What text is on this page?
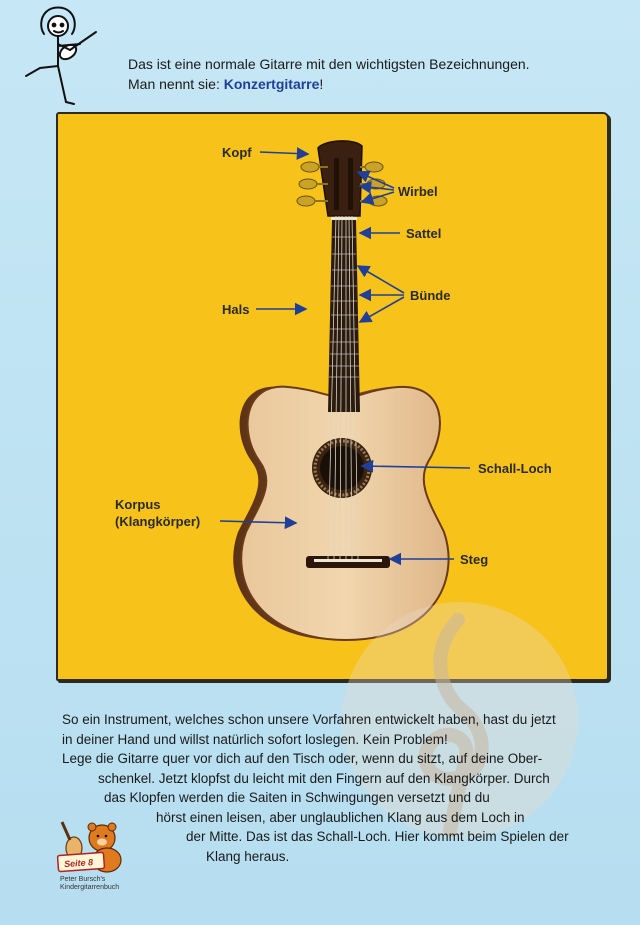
Das ist eine normale Gitarre mit den wichtigsten Bezeichnungen.
Man nennt sie: Konzertgitarre!
Kopf
Wirbel
Sattel
Hals
Bünde
Schall-Loch
Korpus
(Klangkörper)
Steg
So ein Instrument, welches schon unsere Vorfahren entwickelt haben, hast du jetzt
in deiner Hand und willst natürlich sofort loslegen. Kein Problem!
Lege die Gitarre quer vor dich auf den Tisch oder, wenn du sitzt, auf deine Ober-
schenkel. Jetzt klopfst du leicht mit den Fingern auf den Klangkörper. Durch
das Klopfen werden die Saiten in Schwingungen versetzt und du
hörst einen leisen, aber unglaublichen Klang aus dem Loch in
der Mitte. Das ist das Schall-Loch. Hier kommt beim Spielen der
Klang heraus.
Seite 8
Peter Bursch's
Kindergitarrenbuch
